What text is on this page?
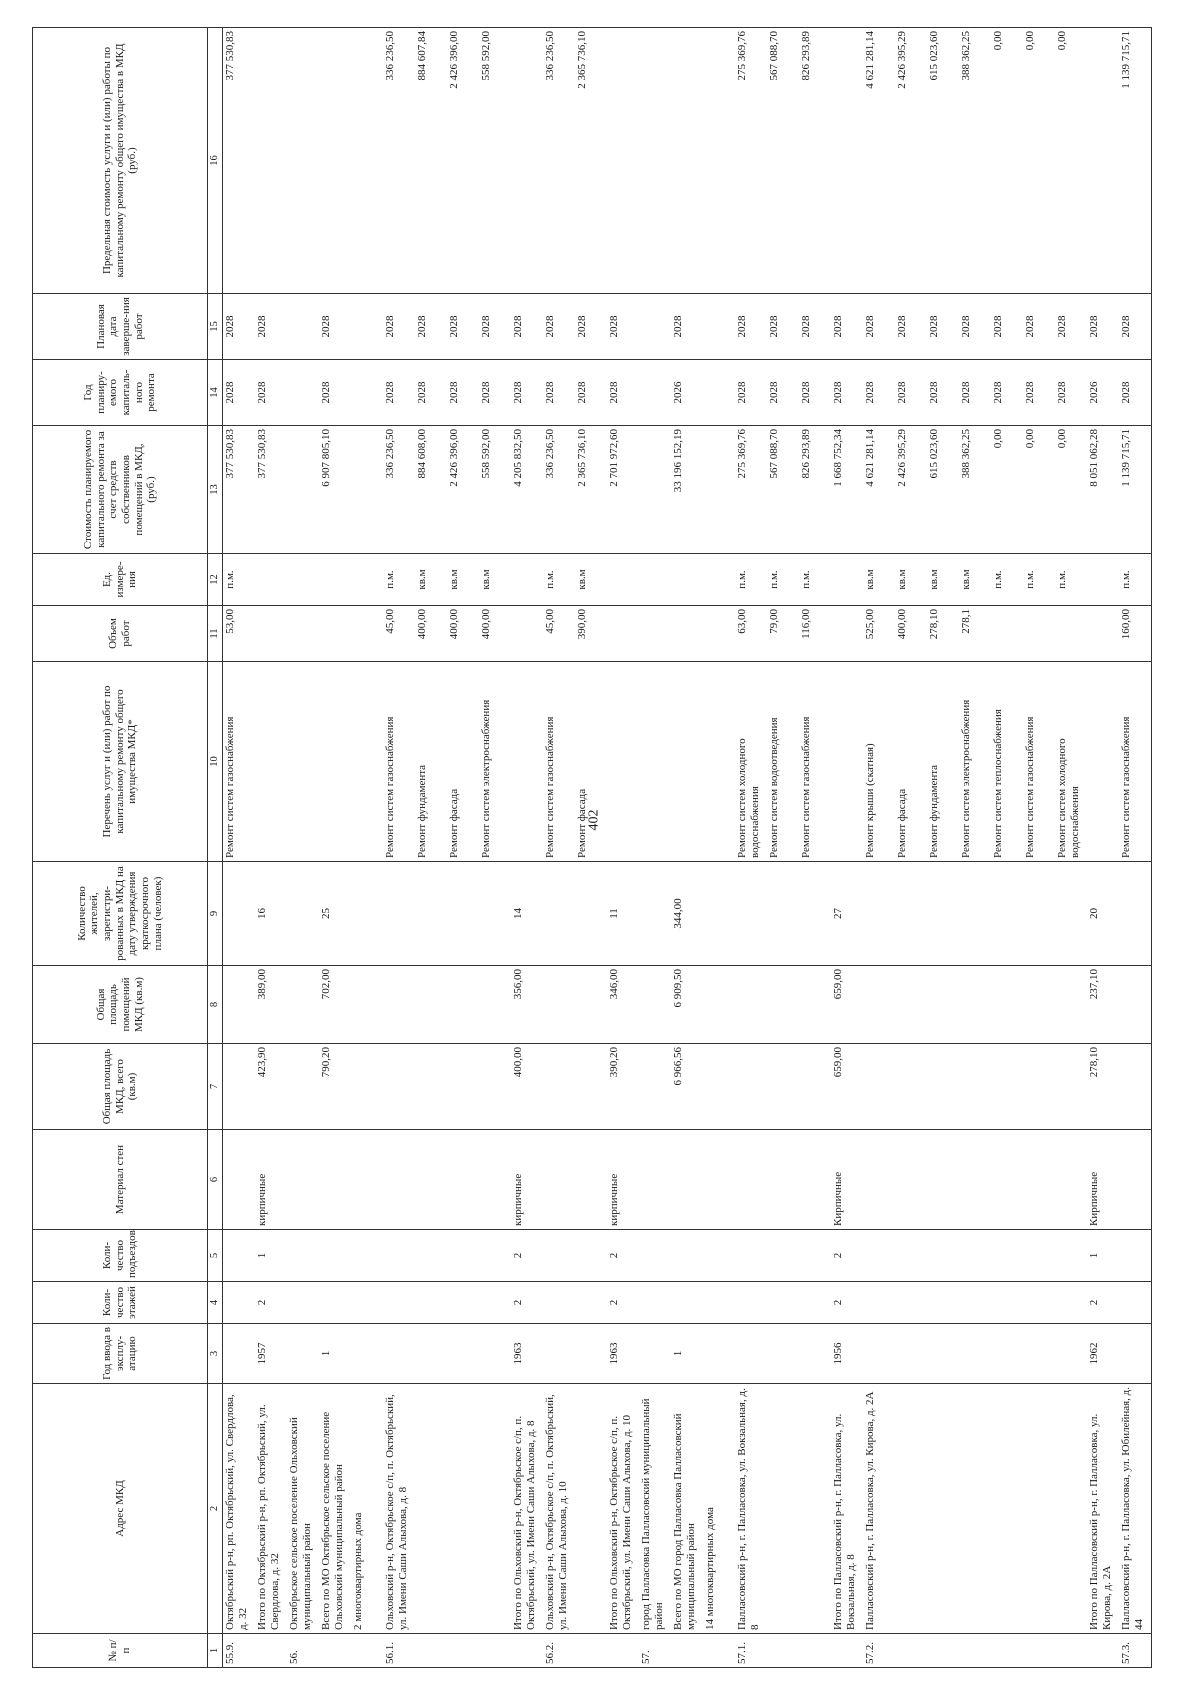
402
№ п/п	Адрес МКД	Год ввода в эксплу-атацию	Коли-чество этажей	Коли-чество подъездов	Материал стен	Общая площадь МКД, всего (кв.м)	Общая площадь помещений МКД (кв.м)	Количество жителей, зарегистри-рованных в МКД на дату утверждения краткосрочного плана (человек)	Перечень услуг и (или) работ по капитальному ремонту общего имущества МКД*	Объем работ	Ед. измере-ния	Стоимость планируемого капитального ремонта за счет средств собственников помещений в МКД, (руб.)	Год планиру-емого капиталь-ного ремонта	Плановая дата заверше-ния работ	Предельная стоимость услуги и (или) работы по капитальному ремонту общего имущества в МКД (руб.)
1	2	3	4	5	6	7	8	9	10	11	12	13	14	15	16
55.9.	Октябрьский р-н, рп. Октябрьский, ул. Свердлова, д. 32								Ремонт систем газоснабжения	53,00	п.м.	377 530,83	2028	2028	377 530,83
	Итого по Октябрьский р-н, рп. Октябрьский, ул. Свердлова, д. 32	1957	2	1	кирпичные	423,90	389,00	16				377 530,83	2028	2028	
56.	Октябрьское сельское поселение Ольховский муниципальный район														
	Всего по МО Октябрьское сельское поселение Ольховский муниципальный район	1				790,20	702,00	25				6 907 805,10	2028	2028	
	2 многоквартирных дома														
56.1.	Ольховский р-н, Октябрьское с/п, п. Октябрьский, ул. Имени Саши Алыхова, д. 8								Ремонт систем газоснабжения	45,00	п.м.	336 236,50	2028	2028	336 236,50
									Ремонт фундамента	400,00	кв.м	884 608,00	2028	2028	884 607,84
									Ремонт фасада	400,00	кв.м	2 426 396,00	2028	2028	2 426 396,00
									Ремонт систем электроснабжения	400,00	кв.м	558 592,00	2028	2028	558 592,00
	Итого по Ольховский р-н, Октябрьское с/п, п. Октябрьский, ул. Имени Саши Алыхова, д. 8	1963	2	2	кирпичные	400,00	356,00	14				4 205 832,50	2028	2028	
56.2.	Ольховский р-н, Октябрьское с/п, п. Октябрьский, ул. Имени Саши Алыхова, д. 10								Ремонт систем газоснабжения	45,00	п.м.	336 236,50	2028	2028	336 236,50
									Ремонт фасада	390,00	кв.м	2 365 736,10	2028	2028	2 365 736,10
	Итого по Ольховский р-н, Октябрьское с/п, п. Октябрьский, ул. Имени Саши Алыхова, д. 10	1963	2	2	кирпичные	390,20	346,00	11				2 701 972,60	2028	2028	
57.	город Палласовка Палласовский муниципальный район														
	Всего по МО город Палласовка Палласовский муниципальный район	1				6 966,56	6 909,50	344,00				33 196 152,19	2026	2028	
	14 многоквартирных дома														
57.1.	Палласовский р-н, г. Палласовка, ул. Вокзальная, д. 8								Ремонт систем холодного водоснабжения	63,00	п.м.	275 369,76	2028	2028	275 369,76
									Ремонт систем водоотведения	79,00	п.м.	567 088,70	2028	2028	567 088,70
									Ремонт систем газоснабжения	116,00	п.м.	826 293,89	2028	2028	826 293,89
	Итого по Палласовский р-н, г. Палласовка, ул. Вокзальная, д. 8	1956	2	2	Кирпичные	659,00	659,00	27				1 668 752,34	2028	2028	
57.2.	Палласовский р-н, г. Палласовка, ул. Кирова, д. 2А								Ремонт крыши (скатная)	525,00	кв.м	4 621 281,14	2028	2028	4 621 281,14
									Ремонт фасада	400,00	кв.м	2 426 395,29	2028	2028	2 426 395,29
									Ремонт фундамента	278,10	кв.м	615 023,60	2028	2028	615 023,60
									Ремонт систем электроснабжения	278,1	кв.м	388 362,25	2028	2028	388 362,25
									Ремонт систем теплоснабжения		п.м.	0,00	2028	2028	0,00
									Ремонт систем газоснабжения		п.м.	0,00	2028	2028	0,00
									Ремонт систем холодного водоснабжения		п.м.	0,00	2028	2028	0,00
	Итого по Палласовский р-н, г. Палласовка, ул. Кирова, д. 2А	1962	2	1	Кирпичные	278,10	237,10	20				8 051 062,28	2026	2028	
57.3.	Палласовский р-н, г. Палласовка, ул. Юбилейная, д. 44								Ремонт систем газоснабжения	160,00	п.м.	1 139 715,71	2028	2028	1 139 715,71
